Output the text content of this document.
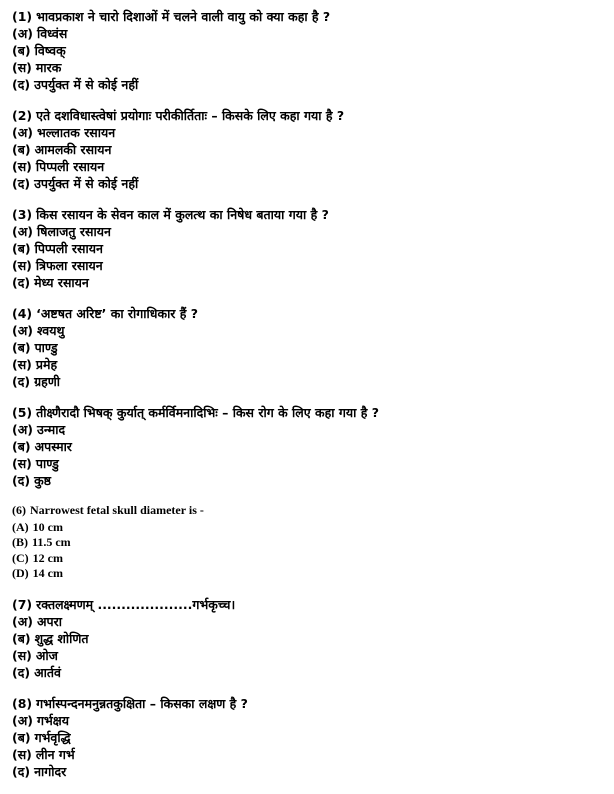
(1) भावप्रकाश ने चारो दिशाओं में चलने वाली वायु को क्या कहा है ?
(अ) विध्वंस
(ब) विष्वक्
(स) मारक
(द) उपर्युक्त में से कोई नहीं
(2) एते दशविधास्त्वेषां प्रयोगाः परीकीर्तिताः – किसके लिए कहा गया है ?
(अ) भल्लातक रसायन
(ब) आमलकी रसायन
(स) पिप्पली रसायन
(द) उपर्युक्त में से कोई नहीं
(3) किस रसायन के सेवन काल में कुलत्थ का निषेध बताया गया है ?
(अ) षिलाजतु रसायन
(ब) पिप्पली रसायन
(स) त्रिफला रसायन
(द) मेध्य रसायन
(4) ‘अष्टषत अरिष्ट’ का रोगाधिकार हैं ?
(अ) श्वयथु
(ब) पाण्डु
(स) प्रमेह
(द) ग्रहणी
(5) तीक्ष्णैरादौ भिषक् कुर्यात् कर्मर्विमनादिभिः – किस रोग के लिए कहा गया है ?
(अ) उन्माद
(ब) अपस्मार
(स) पाण्डु
(द) कुष्ठ
(6) Narrowest fetal skull diameter is -
(A) 10 cm
(B) 11.5 cm
(C) 12 cm
(D) 14 cm
(7) रक्तलक्ष्मणम् ....................गर्भकृच्च।
(अ) अपरा
(ब) शुद्ध शोणित
(स) ओज
(द) आर्तवं
(8) गर्भास्पन्दनमनुन्नतकुक्षिता – किसका लक्षण है ?
(अ) गर्भक्षय
(ब) गर्भवृद्धि
(स) लीन गर्भ
(द) नागोदर
